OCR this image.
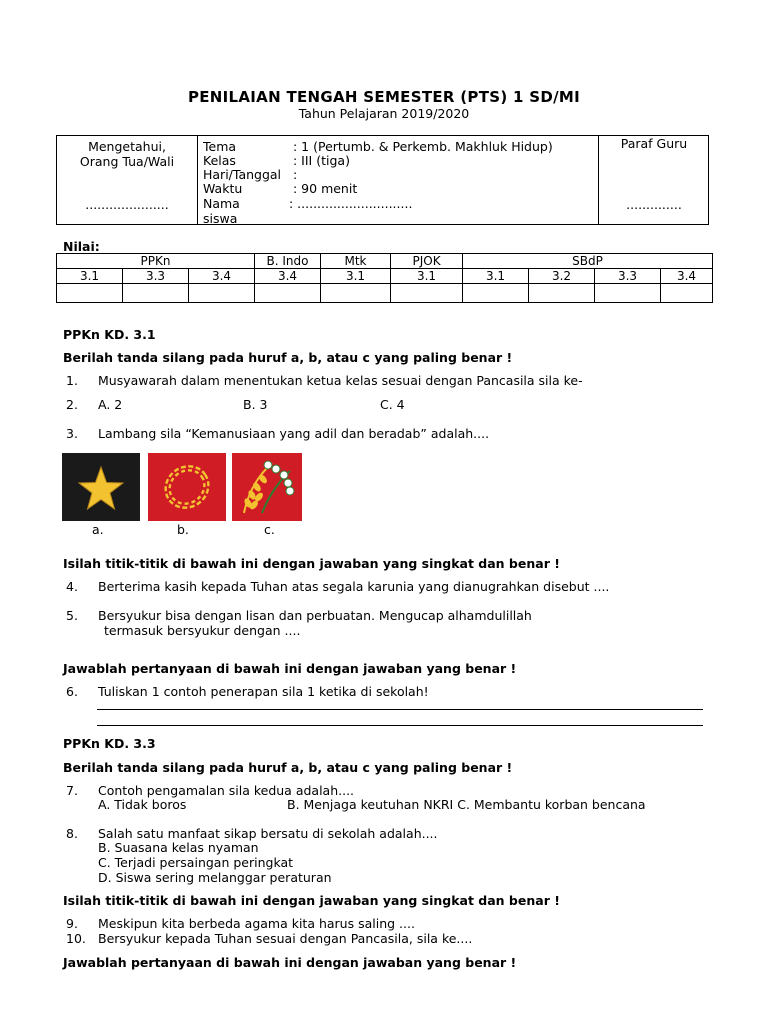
PENILAIAN TENGAH SEMESTER (PTS) 1 SD/MI
Tahun Pelajaran 2019/2020
Mengetahui,
Orang Tua/Wali
.....................
Tema	: 1 (Pertumb. & Perkemb. Makhluk Hidup)
Kelas	: III (tiga)
Hari/Tanggal :
Waktu	: 90 menit
Nama siswa
: .............................
Paraf Guru
..............
Nilai:
PPKn			B. Indo	Mtk	PJOK	SBdP			
3.1	3.3	3.4	3.4	3.1	3.1	3.1	3.2	3.3	3.4

PPKn KD. 3.1
Berilah tanda silang pada huruf a, b, atau c yang paling benar !
1. Musyawarah dalam menentukan ketua kelas sesuai dengan Pancasila sila ke-
2. A. 2	B. 3	C. 4
3. Lambang sila “Kemanusiaan yang adil dan beradab” adalah....
a.	b.	c.
Isilah titik-titik di bawah ini dengan jawaban yang singkat dan benar !
4. Berterima kasih kepada Tuhan atas segala karunia yang dianugrahkan disebut ....
5. Bersyukur bisa dengan lisan dan perbuatan. Mengucap alhamdulillah
termasuk bersyukur dengan ....
Jawablah pertanyaan di bawah ini dengan jawaban yang benar !
6. Tuliskan 1 contoh penerapan sila 1 ketika di sekolah!
PPKn KD. 3.3
Berilah tanda silang pada huruf a, b, atau c yang paling benar !
7. Contoh pengamalan sila kedua adalah....
A. Tidak boros	B. Menjaga keutuhan NKRI C. Membantu korban bencana
8. Salah satu manfaat sikap bersatu di sekolah adalah....
B. Suasana kelas nyaman
C. Terjadi persaingan peringkat
D. Siswa sering melanggar peraturan
Isilah titik-titik di bawah ini dengan jawaban yang singkat dan benar !
9. Meskipun kita berbeda agama kita harus saling ....
10. Bersyukur kepada Tuhan sesuai dengan Pancasila, sila ke....
Jawablah pertanyaan di bawah ini dengan jawaban yang benar !
